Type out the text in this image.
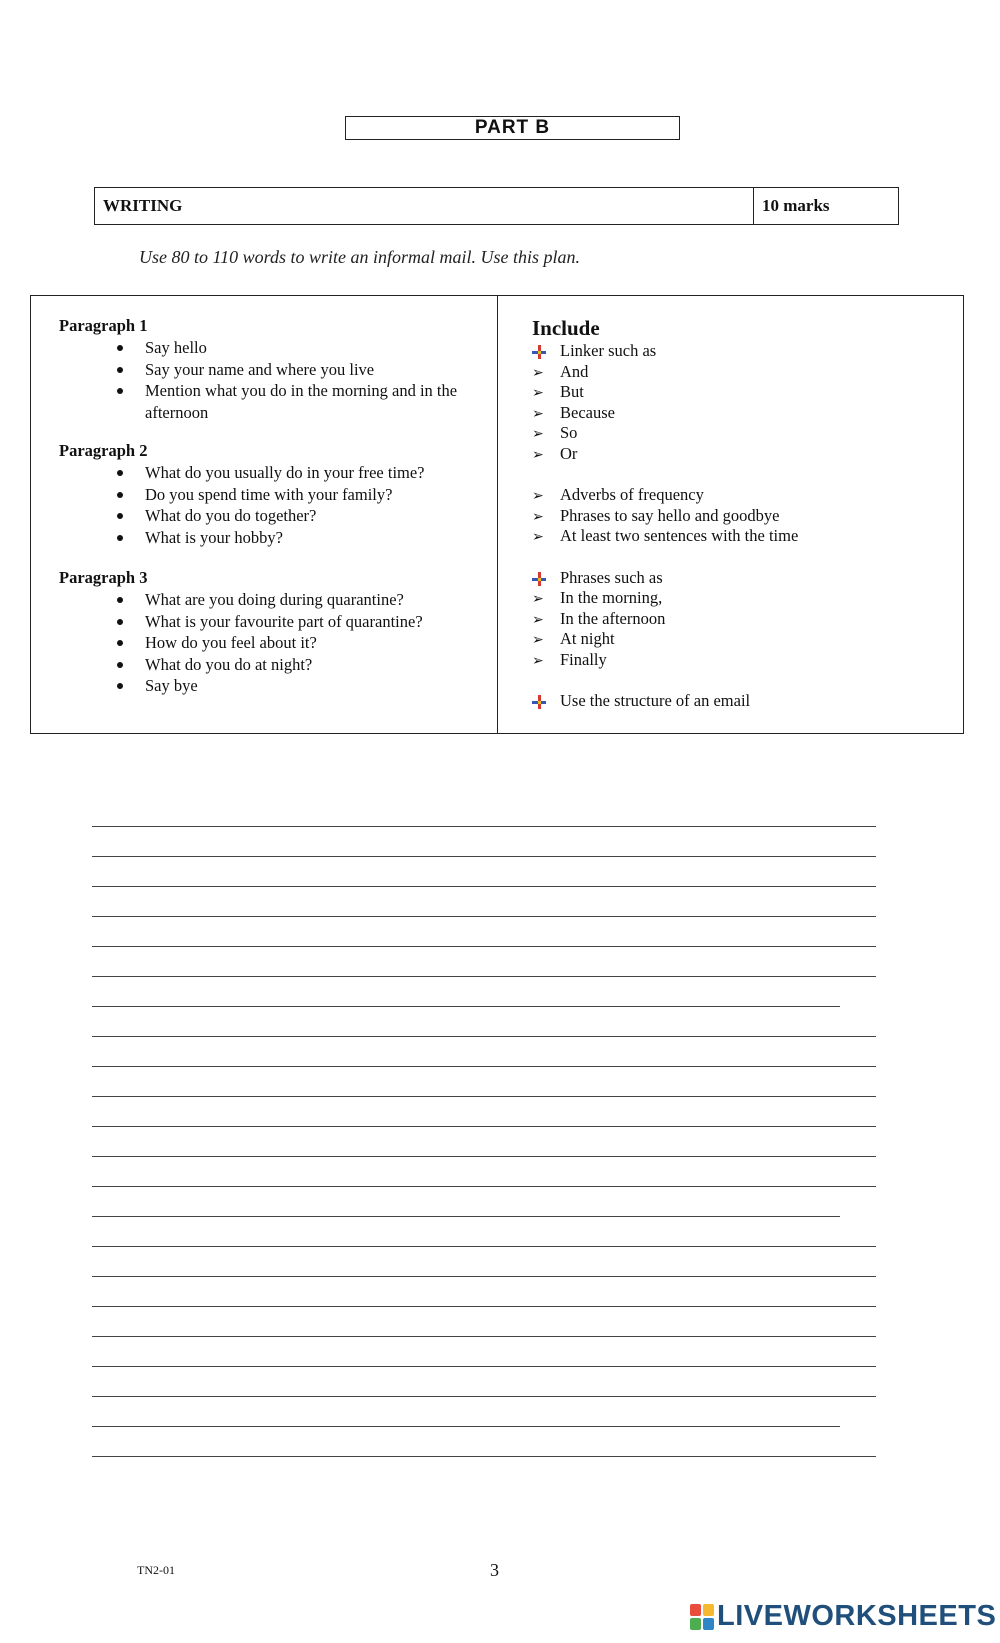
PART B
WRITING	10 marks
Use 80 to 110 words to write an informal mail. Use this plan.
Paragraph 1
Say hello
Say your name and where you live
Mention what you do in the morning and in the afternoon
Paragraph 2
What do you usually do in your free time?
Do you spend time with your family?
What do you do together?
What is your hobby?
Paragraph 3
What are you doing during quarantine?
What is your favourite part of quarantine?
How do you feel about it?
What do you do at night?
Say bye
Include
Linker such as
➢
And
➢
But
➢
Because
➢
So
➢
Or
➢
Adverbs of frequency
➢
Phrases to say hello and goodbye
➢
At least two sentences with the time
Phrases such as
➢
In the morning,
➢
In the afternoon
➢
At night
➢
Finally
Use the structure of an email
TN2-01	3
LIVEWORKSHEETS
